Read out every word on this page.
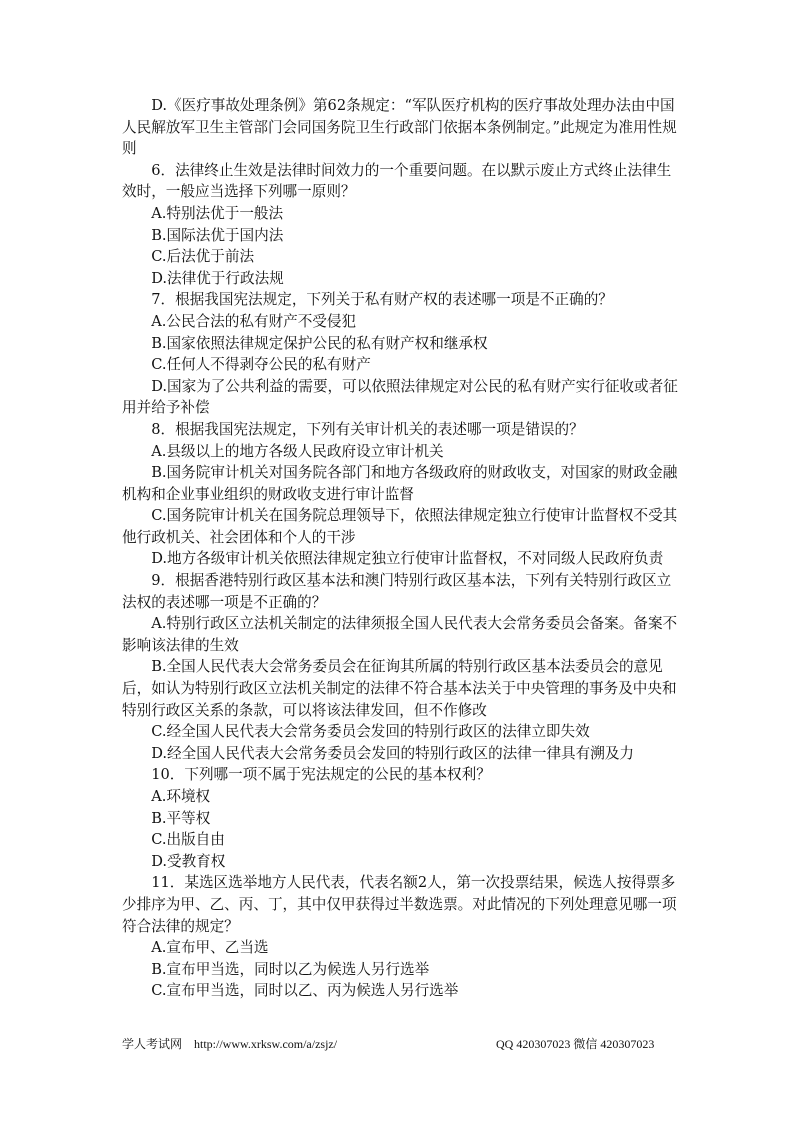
D.《医疗事故处理条例》第62条规定：“军队医疗机构的医疗事故处理办法由中国人民解放军卫生主管部门会同国务院卫生行政部门依据本条例制定。”此规定为准用性规则

6．法律终止生效是法律时间效力的一个重要问题。在以默示废止方式终止法律生效时，一般应当选择下列哪一原则？

A.特别法优于一般法

B.国际法优于国内法

C.后法优于前法

D.法律优于行政法规

7．根据我国宪法规定，下列关于私有财产权的表述哪一项是不正确的？

A.公民合法的私有财产不受侵犯

B.国家依照法律规定保护公民的私有财产权和继承权

C.任何人不得剥夺公民的私有财产

D.国家为了公共利益的需要，可以依照法律规定对公民的私有财产实行征收或者征用并给予补偿

8．根据我国宪法规定，下列有关审计机关的表述哪一项是错误的？

A.县级以上的地方各级人民政府设立审计机关

B.国务院审计机关对国务院各部门和地方各级政府的财政收支，对国家的财政金融机构和企业事业组织的财政收支进行审计监督

C.国务院审计机关在国务院总理领导下，依照法律规定独立行使审计监督权不受其他行政机关、社会团体和个人的干涉

D.地方各级审计机关依照法律规定独立行使审计监督权，不对同级人民政府负责

9．根据香港特别行政区基本法和澳门特别行政区基本法，下列有关特别行政区立法权的表述哪一项是不正确的？

A.特别行政区立法机关制定的法律须报全国人民代表大会常务委员会备案。备案不影响该法律的生效

B.全国人民代表大会常务委员会在征询其所属的特别行政区基本法委员会的意见后，如认为特别行政区立法机关制定的法律不符合基本法关于中央管理的事务及中央和特别行政区关系的条款，可以将该法律发回，但不作修改

C.经全国人民代表大会常务委员会发回的特别行政区的法律立即失效

D.经全国人民代表大会常务委员会发回的特别行政区的法律一律具有溯及力

10．下列哪一项不属于宪法规定的公民的基本权利？

A.环境权

B.平等权

C.出版自由

D.受教育权

11．某选区选举地方人民代表，代表名额2人，第一次投票结果，候选人按得票多少排序为甲、乙、丙、丁，其中仅甲获得过半数选票。对此情况的下列处理意见哪一项符合法律的规定？

A.宣布甲、乙当选

B.宣布甲当选，同时以乙为候选人另行选举

C.宣布甲当选，同时以乙、丙为候选人另行选举

学人考试网 http://www.xrksw.com/a/zsjz/	QQ 420307023 微信 420307023
